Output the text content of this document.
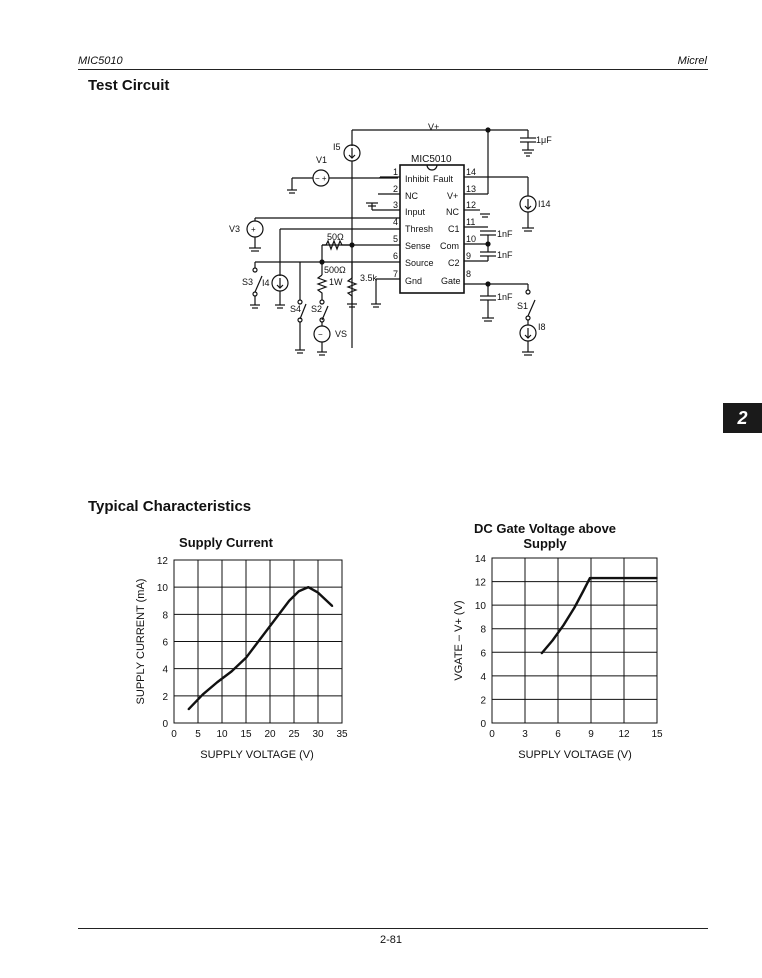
MIC5010	Micrel
Test Circuit
V+
1μF
I5
V1
− +
MIC5010
1
Inhibit
2
NC
3
Input
4
Thresh
5
Sense
6
Source
7
Gnd
14
Fault
13
V+
12
NC
11
C1
10
Com
9
C2
8
Gate
+
V3
I4
S3
50Ω
500Ω
1W
S4 S2
− VS
3.5k
I14
1nF
1nF
1nF
S1
I8
2
Typical Characteristics
Supply Current
SUPPLY VOLTAGE (V)
DC Gate Voltage above Supply
SUPPLY VOLTAGE (V)
0 5 10 15 20 25 30 35
0
2
4
6
8
10
12
SUPPLY CURRENT (mA)
0	3	6	9 12 15
0
2
4
6
8
10
12
14
VGATE – V+ (V)
2-81
